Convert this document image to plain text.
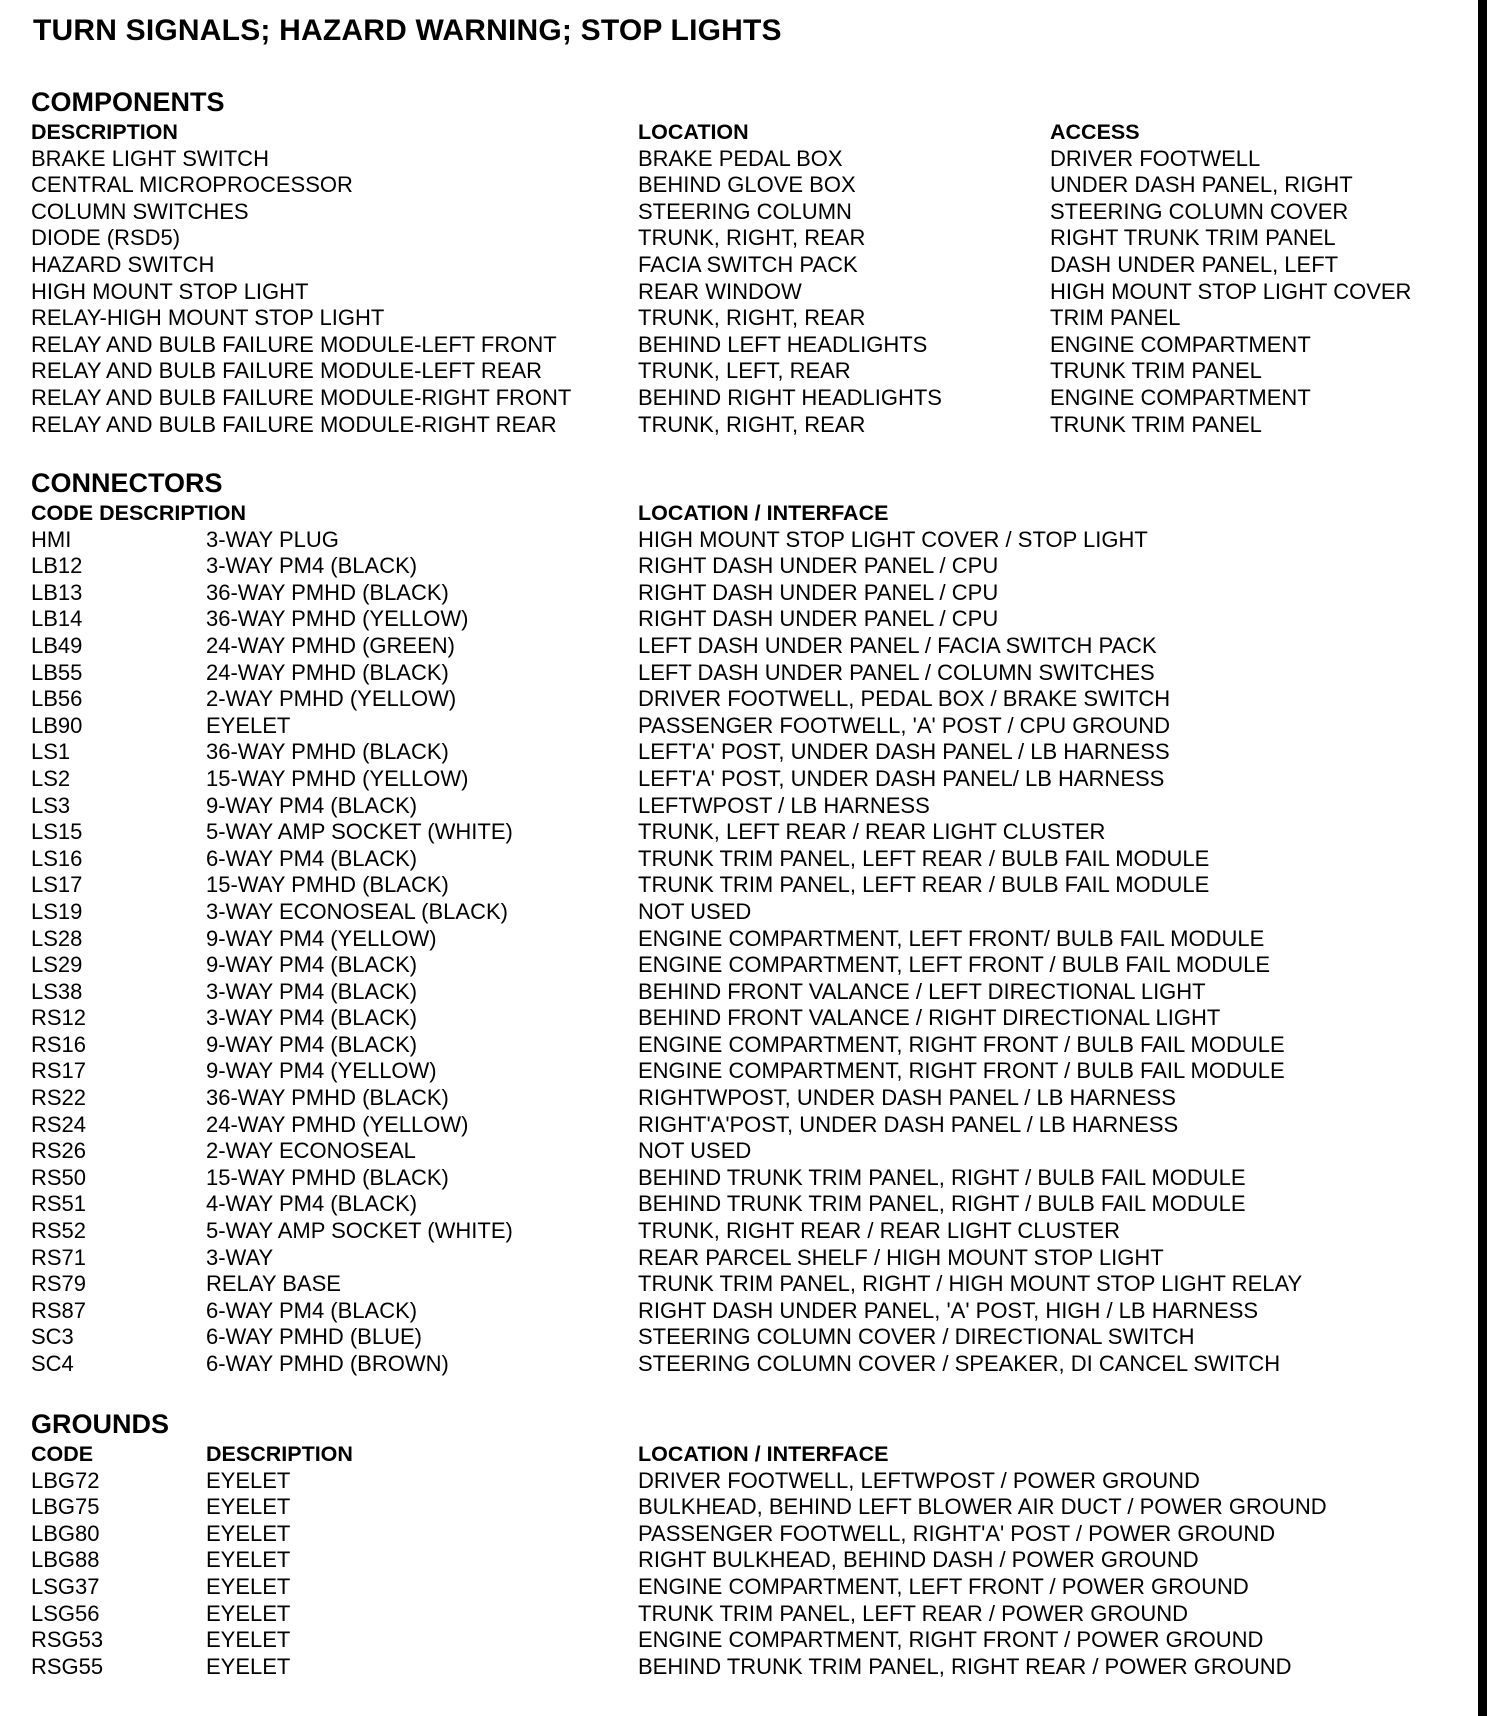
TURN SIGNALS; HAZARD WARNING; STOP LIGHTS
COMPONENTS
DESCRIPTION	LOCATION	ACCESS
BRAKE LIGHT SWITCH	BRAKE PEDAL BOX	DRIVER FOOTWELL
CENTRAL MICROPROCESSOR	BEHIND GLOVE BOX	UNDER DASH PANEL, RIGHT
COLUMN SWITCHES	STEERING COLUMN	STEERING COLUMN COVER
DIODE (RSD5)	TRUNK, RIGHT, REAR	RIGHT TRUNK TRIM PANEL
HAZARD SWITCH	FACIA SWITCH PACK	DASH UNDER PANEL, LEFT
HIGH MOUNT STOP LIGHT	REAR WINDOW	HIGH MOUNT STOP LIGHT COVER
RELAY-HIGH MOUNT STOP LIGHT	TRUNK, RIGHT, REAR	TRIM PANEL
RELAY AND BULB FAILURE MODULE-LEFT FRONT	BEHIND LEFT HEADLIGHTS	ENGINE COMPARTMENT
RELAY AND BULB FAILURE MODULE-LEFT REAR	TRUNK, LEFT, REAR	TRUNK TRIM PANEL
RELAY AND BULB FAILURE MODULE-RIGHT FRONT	BEHIND RIGHT HEADLIGHTS	ENGINE COMPARTMENT
RELAY AND BULB FAILURE MODULE-RIGHT REAR	TRUNK, RIGHT, REAR	TRUNK TRIM PANEL
CONNECTORS
CODE DESCRIPTION	LOCATION / INTERFACE
HMI	3-WAY PLUG	HIGH MOUNT STOP LIGHT COVER / STOP LIGHT
LB12	3-WAY PM4 (BLACK)	RIGHT DASH UNDER PANEL / CPU
LB13	36-WAY PMHD (BLACK)	RIGHT DASH UNDER PANEL / CPU
LB14	36-WAY PMHD (YELLOW)	RIGHT DASH UNDER PANEL / CPU
LB49	24-WAY PMHD (GREEN)	LEFT DASH UNDER PANEL / FACIA SWITCH PACK
LB55	24-WAY PMHD (BLACK)	LEFT DASH UNDER PANEL / COLUMN SWITCHES
LB56	2-WAY PMHD (YELLOW)	DRIVER FOOTWELL, PEDAL BOX / BRAKE SWITCH
LB90	EYELET	PASSENGER FOOTWELL, 'A' POST / CPU GROUND
LS1	36-WAY PMHD (BLACK)	LEFT'A' POST, UNDER DASH PANEL / LB HARNESS
LS2	15-WAY PMHD (YELLOW)	LEFT'A' POST, UNDER DASH PANEL/ LB HARNESS
LS3	9-WAY PM4 (BLACK)	LEFTWPOST / LB HARNESS
LS15	5-WAY AMP SOCKET (WHITE)	TRUNK, LEFT REAR / REAR LIGHT CLUSTER
LS16	6-WAY PM4 (BLACK)	TRUNK TRIM PANEL, LEFT REAR / BULB FAIL MODULE
LS17	15-WAY PMHD (BLACK)	TRUNK TRIM PANEL, LEFT REAR / BULB FAIL MODULE
LS19	3-WAY ECONOSEAL (BLACK)	NOT USED
LS28	9-WAY PM4 (YELLOW)	ENGINE COMPARTMENT, LEFT FRONT/ BULB FAIL MODULE
LS29	9-WAY PM4 (BLACK)	ENGINE COMPARTMENT, LEFT FRONT / BULB FAIL MODULE
LS38	3-WAY PM4 (BLACK)	BEHIND FRONT VALANCE / LEFT DIRECTIONAL LIGHT
RS12	3-WAY PM4 (BLACK)	BEHIND FRONT VALANCE / RIGHT DIRECTIONAL LIGHT
RS16	9-WAY PM4 (BLACK)	ENGINE COMPARTMENT, RIGHT FRONT / BULB FAIL MODULE
RS17	9-WAY PM4 (YELLOW)	ENGINE COMPARTMENT, RIGHT FRONT / BULB FAIL MODULE
RS22	36-WAY PMHD (BLACK)	RIGHTWPOST, UNDER DASH PANEL / LB HARNESS
RS24	24-WAY PMHD (YELLOW)	RIGHT'A'POST, UNDER DASH PANEL / LB HARNESS
RS26	2-WAY ECONOSEAL	NOT USED
RS50	15-WAY PMHD (BLACK)	BEHIND TRUNK TRIM PANEL, RIGHT / BULB FAIL MODULE
RS51	4-WAY PM4 (BLACK)	BEHIND TRUNK TRIM PANEL, RIGHT / BULB FAIL MODULE
RS52	5-WAY AMP SOCKET (WHITE)	TRUNK, RIGHT REAR / REAR LIGHT CLUSTER
RS71	3-WAY	REAR PARCEL SHELF / HIGH MOUNT STOP LIGHT
RS79	RELAY BASE	TRUNK TRIM PANEL, RIGHT / HIGH MOUNT STOP LIGHT RELAY
RS87	6-WAY PM4 (BLACK)	RIGHT DASH UNDER PANEL, 'A' POST, HIGH / LB HARNESS
SC3	6-WAY PMHD (BLUE)	STEERING COLUMN COVER / DIRECTIONAL SWITCH
SC4	6-WAY PMHD (BROWN)	STEERING COLUMN COVER / SPEAKER, DI CANCEL SWITCH
GROUNDS
CODE	DESCRIPTION	LOCATION / INTERFACE
LBG72	EYELET	DRIVER FOOTWELL, LEFTWPOST / POWER GROUND
LBG75	EYELET	BULKHEAD, BEHIND LEFT BLOWER AIR DUCT / POWER GROUND
LBG80	EYELET	PASSENGER FOOTWELL, RIGHT'A' POST / POWER GROUND
LBG88	EYELET	RIGHT BULKHEAD, BEHIND DASH / POWER GROUND
LSG37	EYELET	ENGINE COMPARTMENT, LEFT FRONT / POWER GROUND
LSG56	EYELET	TRUNK TRIM PANEL, LEFT REAR / POWER GROUND
RSG53	EYELET	ENGINE COMPARTMENT, RIGHT FRONT / POWER GROUND
RSG55	EYELET	BEHIND TRUNK TRIM PANEL, RIGHT REAR / POWER GROUND
